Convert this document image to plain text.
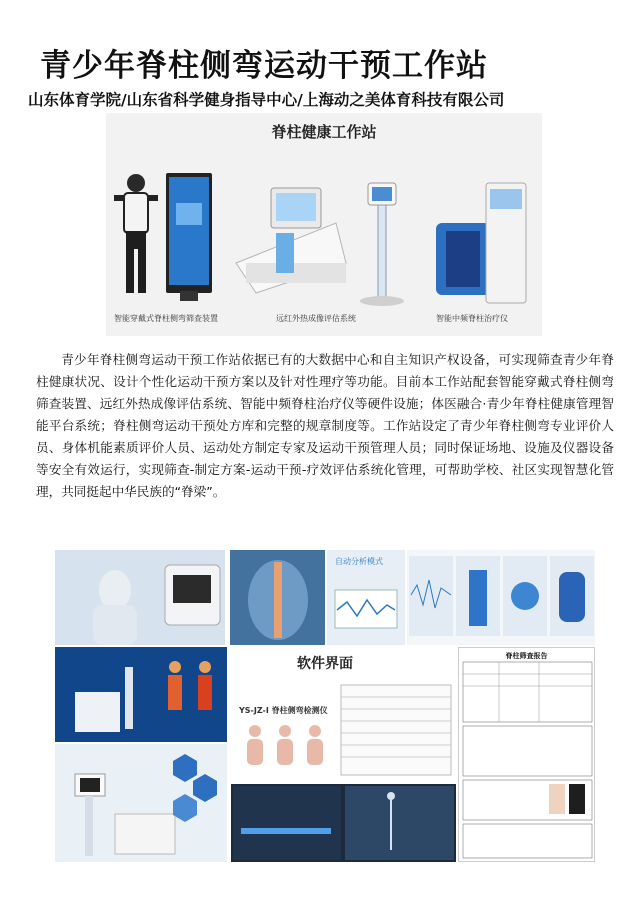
青少年脊柱侧弯运动干预工作站
山东体育学院/山东省科学健身指导中心/上海动之美体育科技有限公司
脊柱健康工作站
智能穿戴式脊柱侧弯筛查装置	远红外热成像评估系统	智能中频脊柱治疗仪
青少年脊柱侧弯运动干预工作站依据已有的大数据中心和自主知识产权设备，可实现筛查青少年脊柱健康状况、设计个性化运动干预方案以及针对性理疗等功能。目前本工作站配套智能穿戴式脊柱侧弯筛查装置、远红外热成像评估系统、智能中频脊柱治疗仪等硬件设施；体医融合·青少年脊柱健康管理智能平台系统；脊柱侧弯运动干预处方库和完整的规章制度等。工作站设定了青少年脊柱侧弯专业评价人员、身体机能素质评价人员、运动处方制定专家及运动干预管理人员；同时保证场地、设施及仪器设备等安全有效运行，实现筛查-制定方案-运动干预-疗效评估系统化管理，可帮助学校、社区实现智慧化管理，共同挺起中华民族的“脊梁”。
自动分析模式
软件界面
YS-JZ-I 脊柱侧弯检测仪
脊柱筛查报告
